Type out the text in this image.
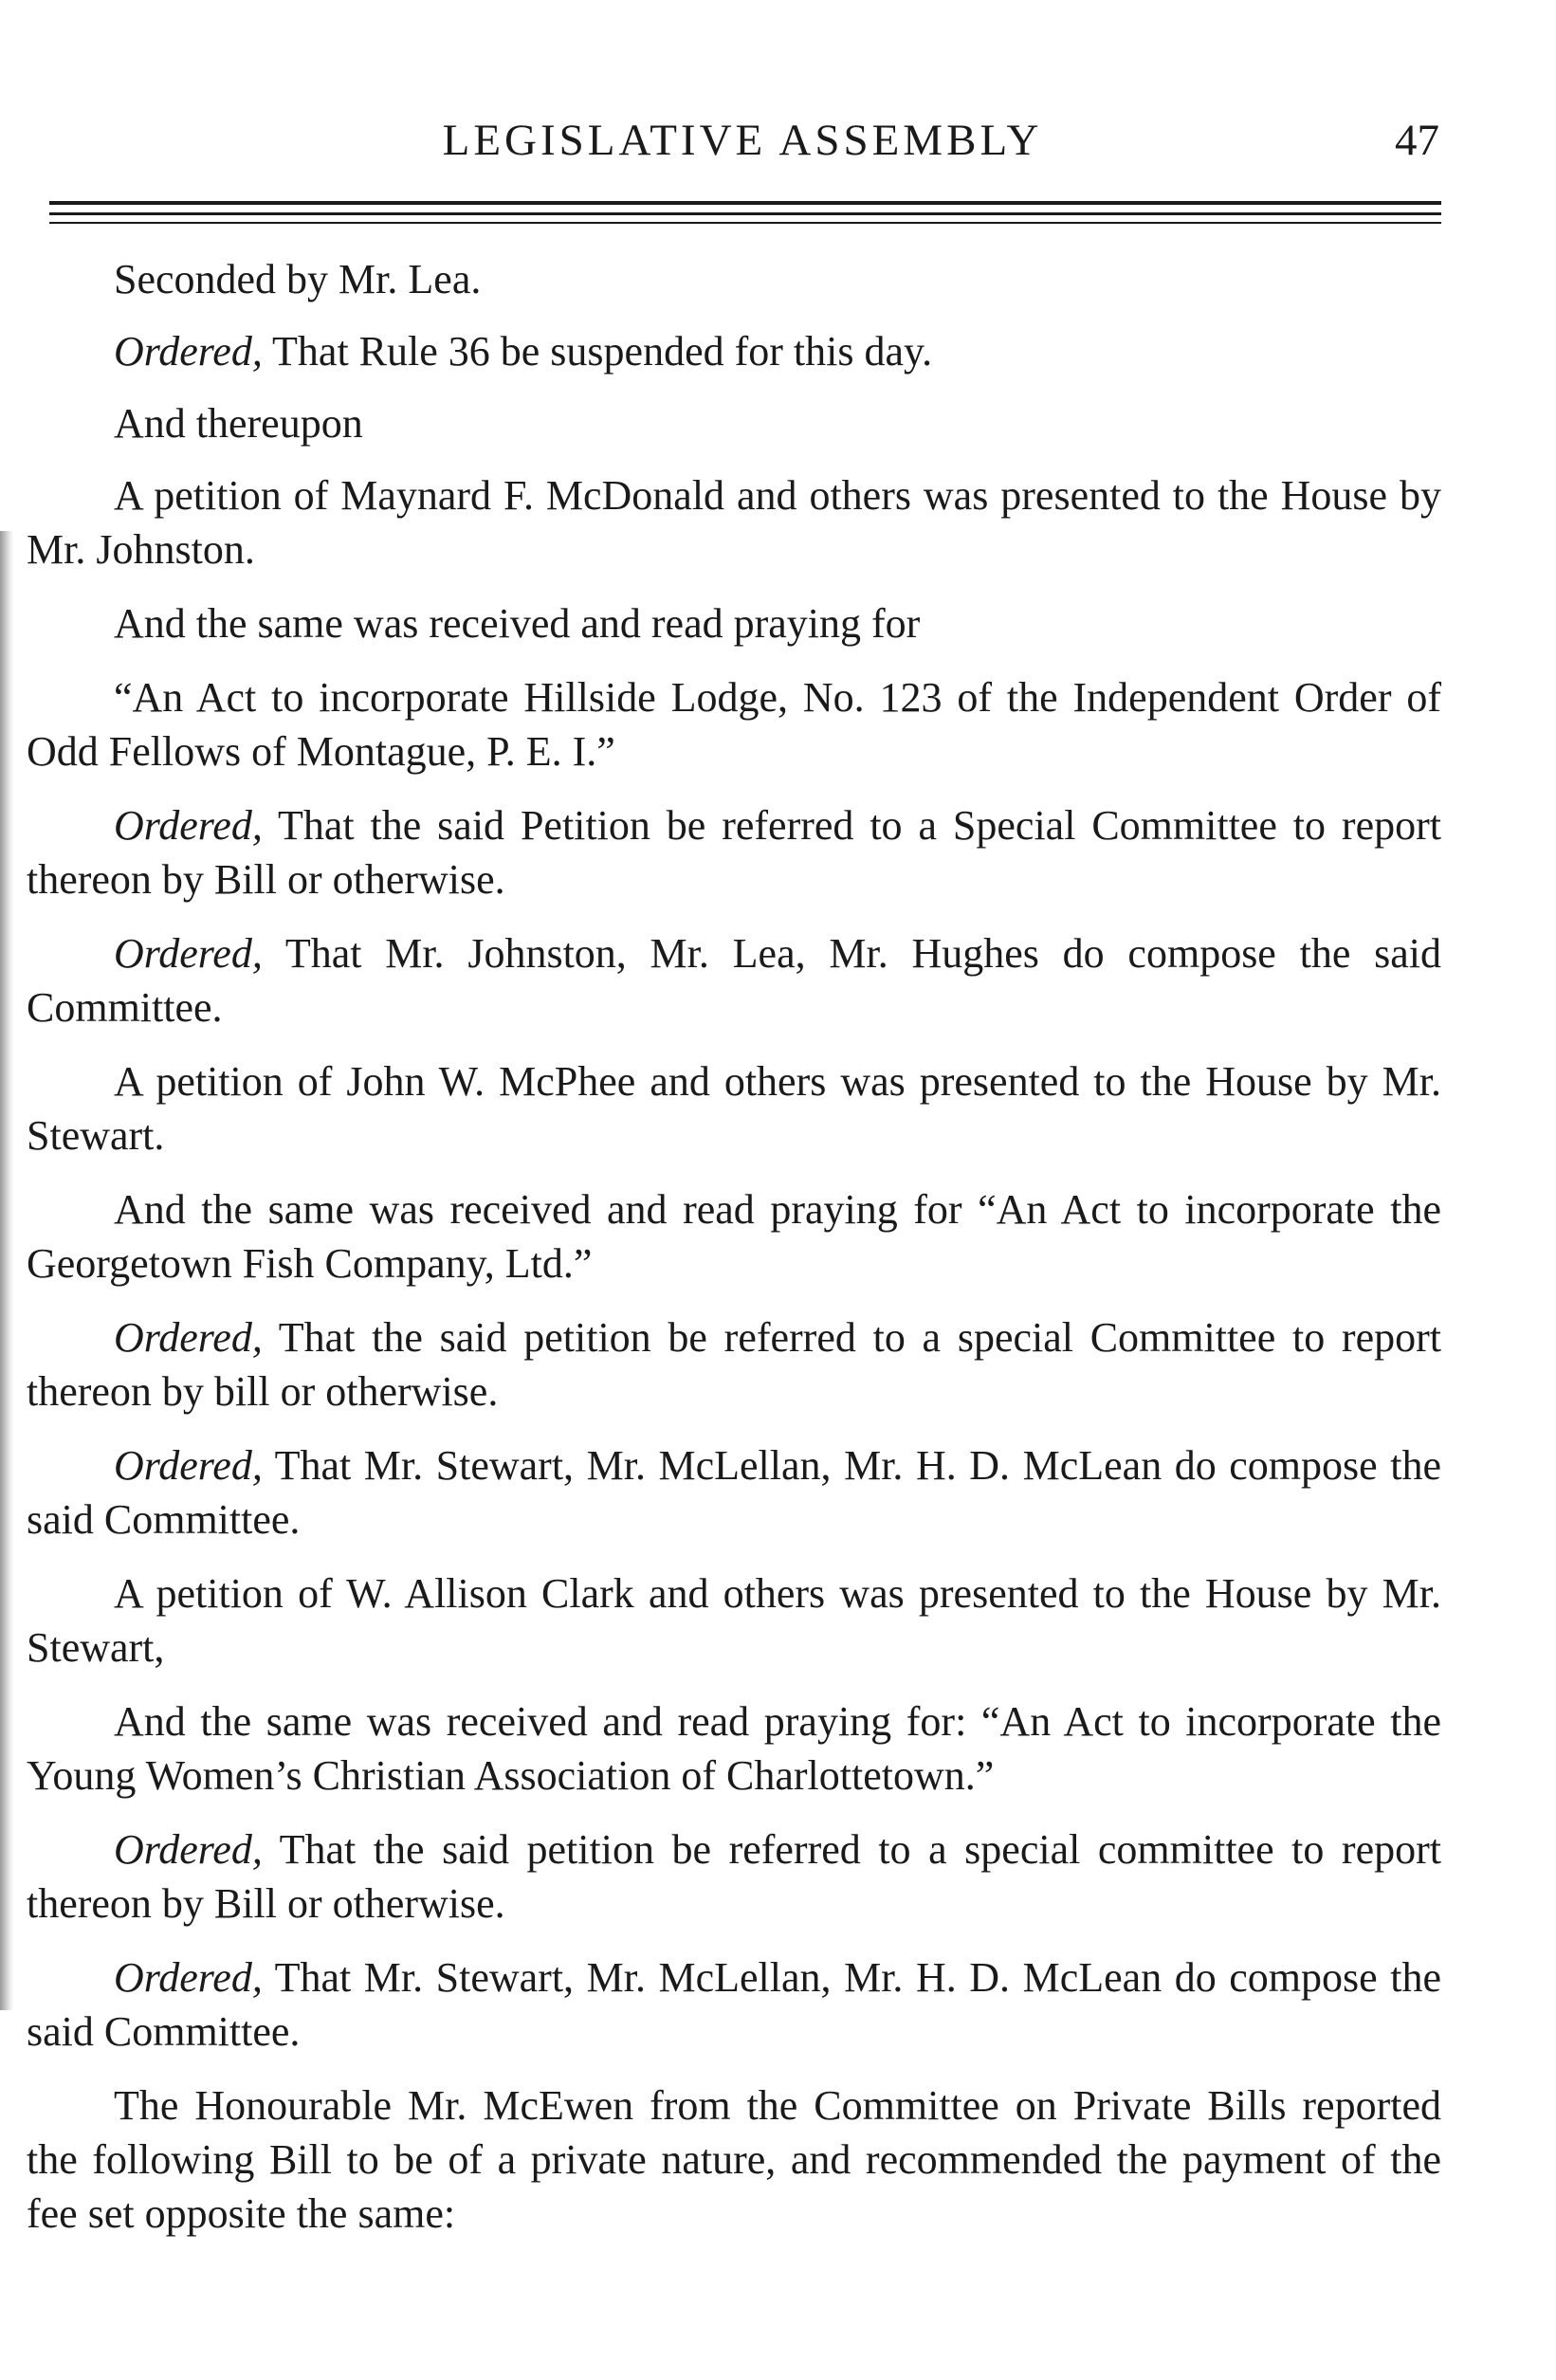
LEGISLATIVE ASSEMBLY	47

Seconded by Mr. Lea.

Ordered, That Rule 36 be suspended for this day.

And thereupon

A petition of Maynard F. McDonald and others was presented to the House by Mr. Johnston.

And the same was received and read praying for

“An Act to incorporate Hillside Lodge, No. 123 of the Independent Order of Odd Fellows of Montague, P. E. I.”

Ordered, That the said Petition be referred to a Special Committee to report thereon by Bill or otherwise.

Ordered, That Mr. Johnston, Mr. Lea, Mr. Hughes do compose the said Committee.

A petition of John W. McPhee and others was presented to the House by Mr. Stewart.

And the same was received and read praying for “An Act to incorporate the Georgetown Fish Company, Ltd.”

Ordered, That the said petition be referred to a special Committee to report thereon by bill or otherwise.

Ordered, That Mr. Stewart, Mr. McLellan, Mr. H. D. McLean do compose the said Committee.

A petition of W. Allison Clark and others was presented to the House by Mr. Stewart,

And the same was received and read praying for: “An Act to incorporate the Young Women’s Christian Association of Charlottetown.”

Ordered, That the said petition be referred to a special committee to report thereon by Bill or otherwise.

Ordered, That Mr. Stewart, Mr. McLellan, Mr. H. D. McLean do compose the said Committee.

The Honourable Mr. McEwen from the Committee on Private Bills reported the following Bill to be of a private nature, and recommended the payment of the fee set opposite the same:
